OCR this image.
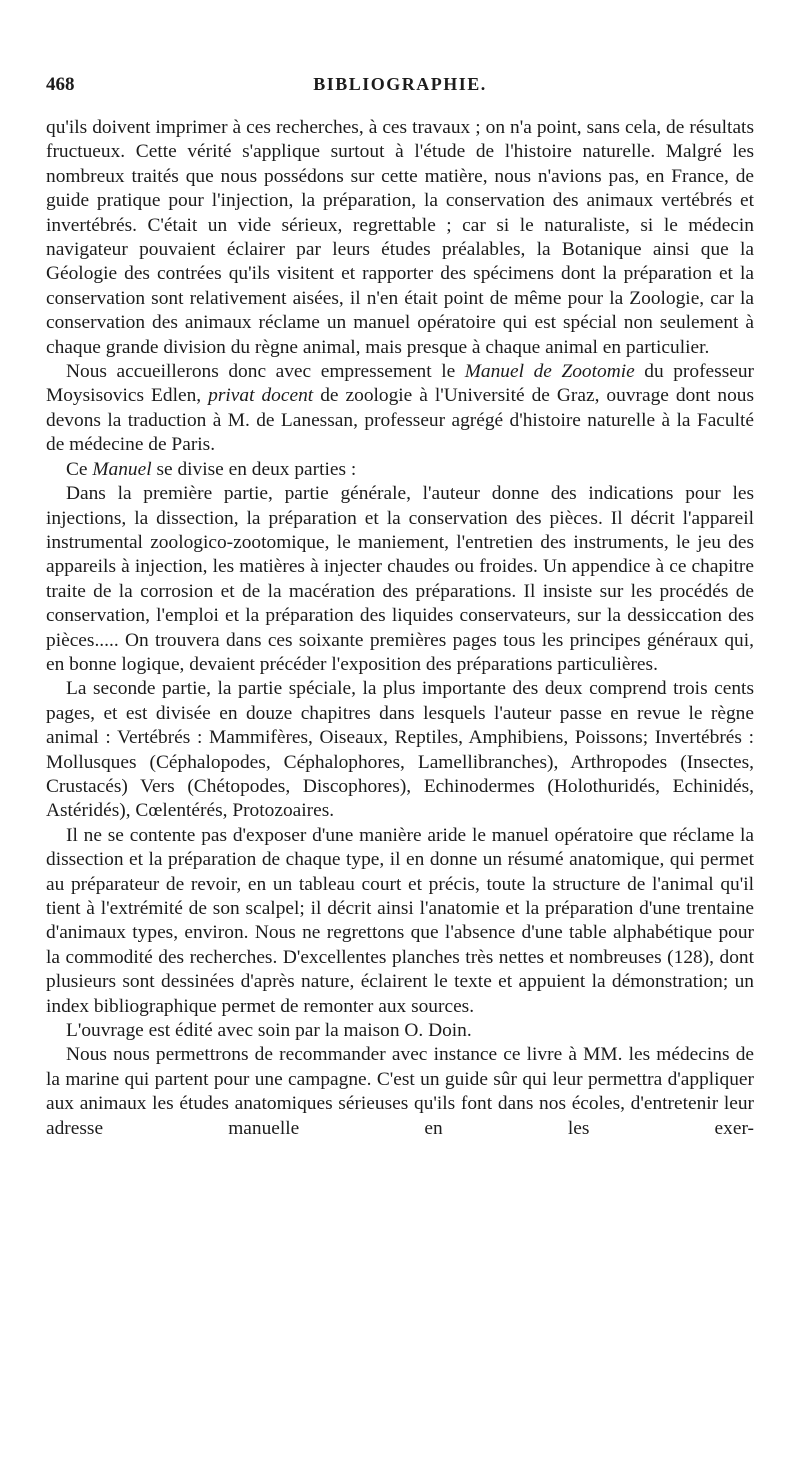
468	BIBLIOGRAPHIE.

qu'ils doivent imprimer à ces recherches, à ces travaux ; on n'a point, sans cela, de résultats fructueux. Cette vérité s'applique surtout à l'étude de l'histoire naturelle. Malgré les nombreux traités que nous possédons sur cette matière, nous n'avions pas, en France, de guide pratique pour l'injection, la préparation, la conservation des animaux vertébrés et invertébrés. C'était un vide sérieux, regrettable ; car si le naturaliste, si le médecin navigateur pouvaient éclairer par leurs études préalables, la Botanique ainsi que la Géologie des contrées qu'ils visitent et rapporter des spécimens dont la préparation et la conservation sont relativement aisées, il n'en était point de même pour la Zoologie, car la conservation des animaux réclame un manuel opératoire qui est spécial non seulement à chaque grande division du règne animal, mais presque à chaque animal en particulier.

Nous accueillerons donc avec empressement le Manuel de Zootomie du professeur Moysisovics Edlen, privat docent de zoologie à l'Université de Graz, ouvrage dont nous devons la traduction à M. de Lanessan, professeur agrégé d'histoire naturelle à la Faculté de médecine de Paris.

Ce Manuel se divise en deux parties :

Dans la première partie, partie générale, l'auteur donne des indications pour les injections, la dissection, la préparation et la conservation des pièces. Il décrit l'appareil instrumental zoologico-zootomique, le maniement, l'entretien des instruments, le jeu des appareils à injection, les matières à injecter chaudes ou froides. Un appendice à ce chapitre traite de la corrosion et de la macération des préparations. Il insiste sur les procédés de conservation, l'emploi et la préparation des liquides conservateurs, sur la dessiccation des pièces..... On trouvera dans ces soixante premières pages tous les principes généraux qui, en bonne logique, devaient précéder l'exposition des préparations particulières.

La seconde partie, la partie spéciale, la plus importante des deux comprend trois cents pages, et est divisée en douze chapitres dans lesquels l'auteur passe en revue le règne animal : Vertébrés : Mammifères, Oiseaux, Reptiles, Amphibiens, Poissons; Invertébrés : Mollusques (Céphalopodes, Céphalophores, Lamellibranches), Arthropodes (Insectes, Crustacés) Vers (Chétopodes, Discophores), Echinodermes (Holothuridés, Echinidés, Astéridés), Cœlentérés, Protozoaires.

Il ne se contente pas d'exposer d'une manière aride le manuel opératoire que réclame la dissection et la préparation de chaque type, il en donne un résumé anatomique, qui permet au préparateur de revoir, en un tableau court et précis, toute la structure de l'animal qu'il tient à l'extrémité de son scalpel; il décrit ainsi l'anatomie et la préparation d'une trentaine d'animaux types, environ. Nous ne regrettons que l'absence d'une table alphabétique pour la commodité des recherches. D'excellentes planches très nettes et nombreuses (128), dont plusieurs sont dessinées d'après nature, éclairent le texte et appuient la démonstration; un index bibliographique permet de remonter aux sources.

L'ouvrage est édité avec soin par la maison O. Doin.

Nous nous permettrons de recommander avec instance ce livre à MM. les médecins de la marine qui partent pour une campagne. C'est un guide sûr qui leur permettra d'appliquer aux animaux les études anatomiques sérieuses qu'ils font dans nos écoles, d'entretenir leur adresse manuelle en les exer-
